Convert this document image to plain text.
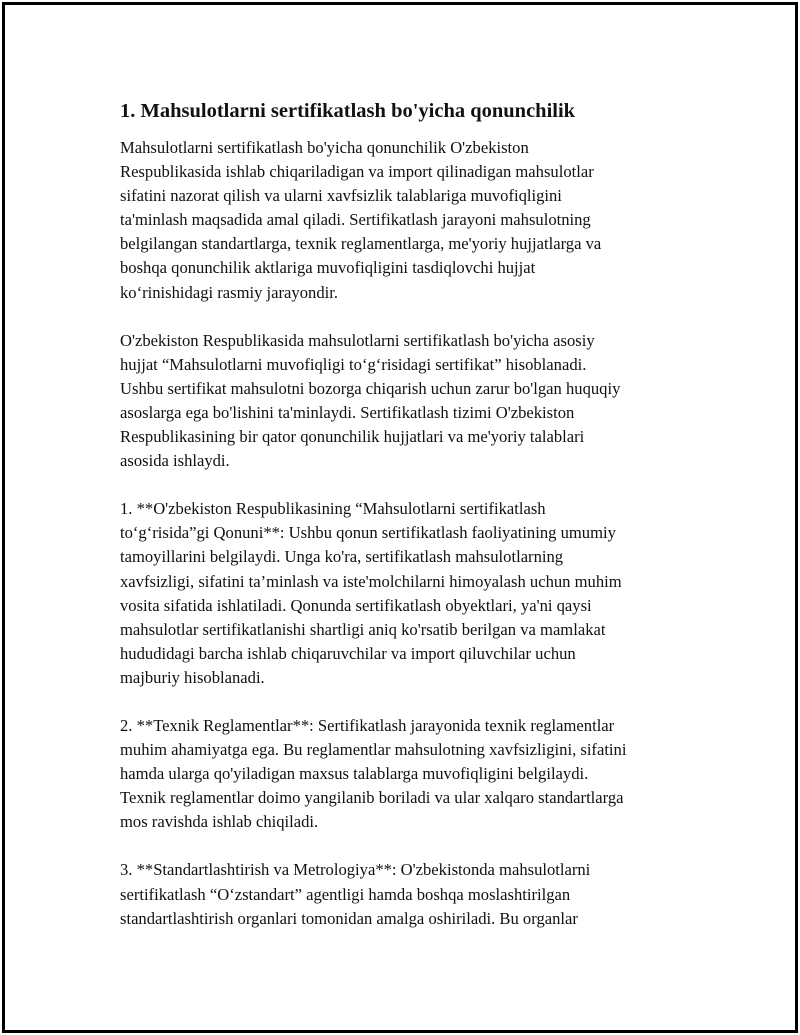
1. Mahsulotlarni sertifikatlash bo'yicha qonunchilik
Mahsulotlarni sertifikatlash bo'yicha qonunchilik O'zbekiston
Respublikasida ishlab chiqariladigan va import qilinadigan mahsulotlar
sifatini nazorat qilish va ularni xavfsizlik talablariga muvofiqligini
ta'minlash maqsadida amal qiladi. Sertifikatlash jarayoni mahsulotning
belgilangan standartlarga, texnik reglamentlarga, me'yoriy hujjatlarga va
boshqa qonunchilik aktlariga muvofiqligini tasdiqlovchi hujjat
ko‘rinishidagi rasmiy jarayondir.
O'zbekiston Respublikasida mahsulotlarni sertifikatlash bo'yicha asosiy
hujjat “Mahsulotlarni muvofiqligi to‘g‘risidagi sertifikat” hisoblanadi.
Ushbu sertifikat mahsulotni bozorga chiqarish uchun zarur bo'lgan huquqiy
asoslarga ega bo'lishini ta'minlaydi. Sertifikatlash tizimi O'zbekiston
Respublikasining bir qator qonunchilik hujjatlari va me'yoriy talablari
asosida ishlaydi.
1. **O'zbekiston Respublikasining “Mahsulotlarni sertifikatlash
to‘g‘risida”gi Qonuni**: Ushbu qonun sertifikatlash faoliyatining umumiy
tamoyillarini belgilaydi. Unga ko'ra, sertifikatlash mahsulotlarning
xavfsizligi, sifatini ta’minlash va iste'molchilarni himoyalash uchun muhim
vosita sifatida ishlatiladi. Qonunda sertifikatlash obyektlari, ya'ni qaysi
mahsulotlar sertifikatlanishi shartligi aniq ko'rsatib berilgan va mamlakat
hududidagi barcha ishlab chiqaruvchilar va import qiluvchilar uchun
majburiy hisoblanadi.
2. **Texnik Reglamentlar**: Sertifikatlash jarayonida texnik reglamentlar
muhim ahamiyatga ega. Bu reglamentlar mahsulotning xavfsizligini, sifatini
hamda ularga qo'yiladigan maxsus talablarga muvofiqligini belgilaydi.
Texnik reglamentlar doimo yangilanib boriladi va ular xalqaro standartlarga
mos ravishda ishlab chiqiladi.
3. **Standartlashtirish va Metrologiya**: O'zbekistonda mahsulotlarni
sertifikatlash “O‘zstandart” agentligi hamda boshqa moslashtirilgan
standartlashtirish organlari tomonidan amalga oshiriladi. Bu organlar
